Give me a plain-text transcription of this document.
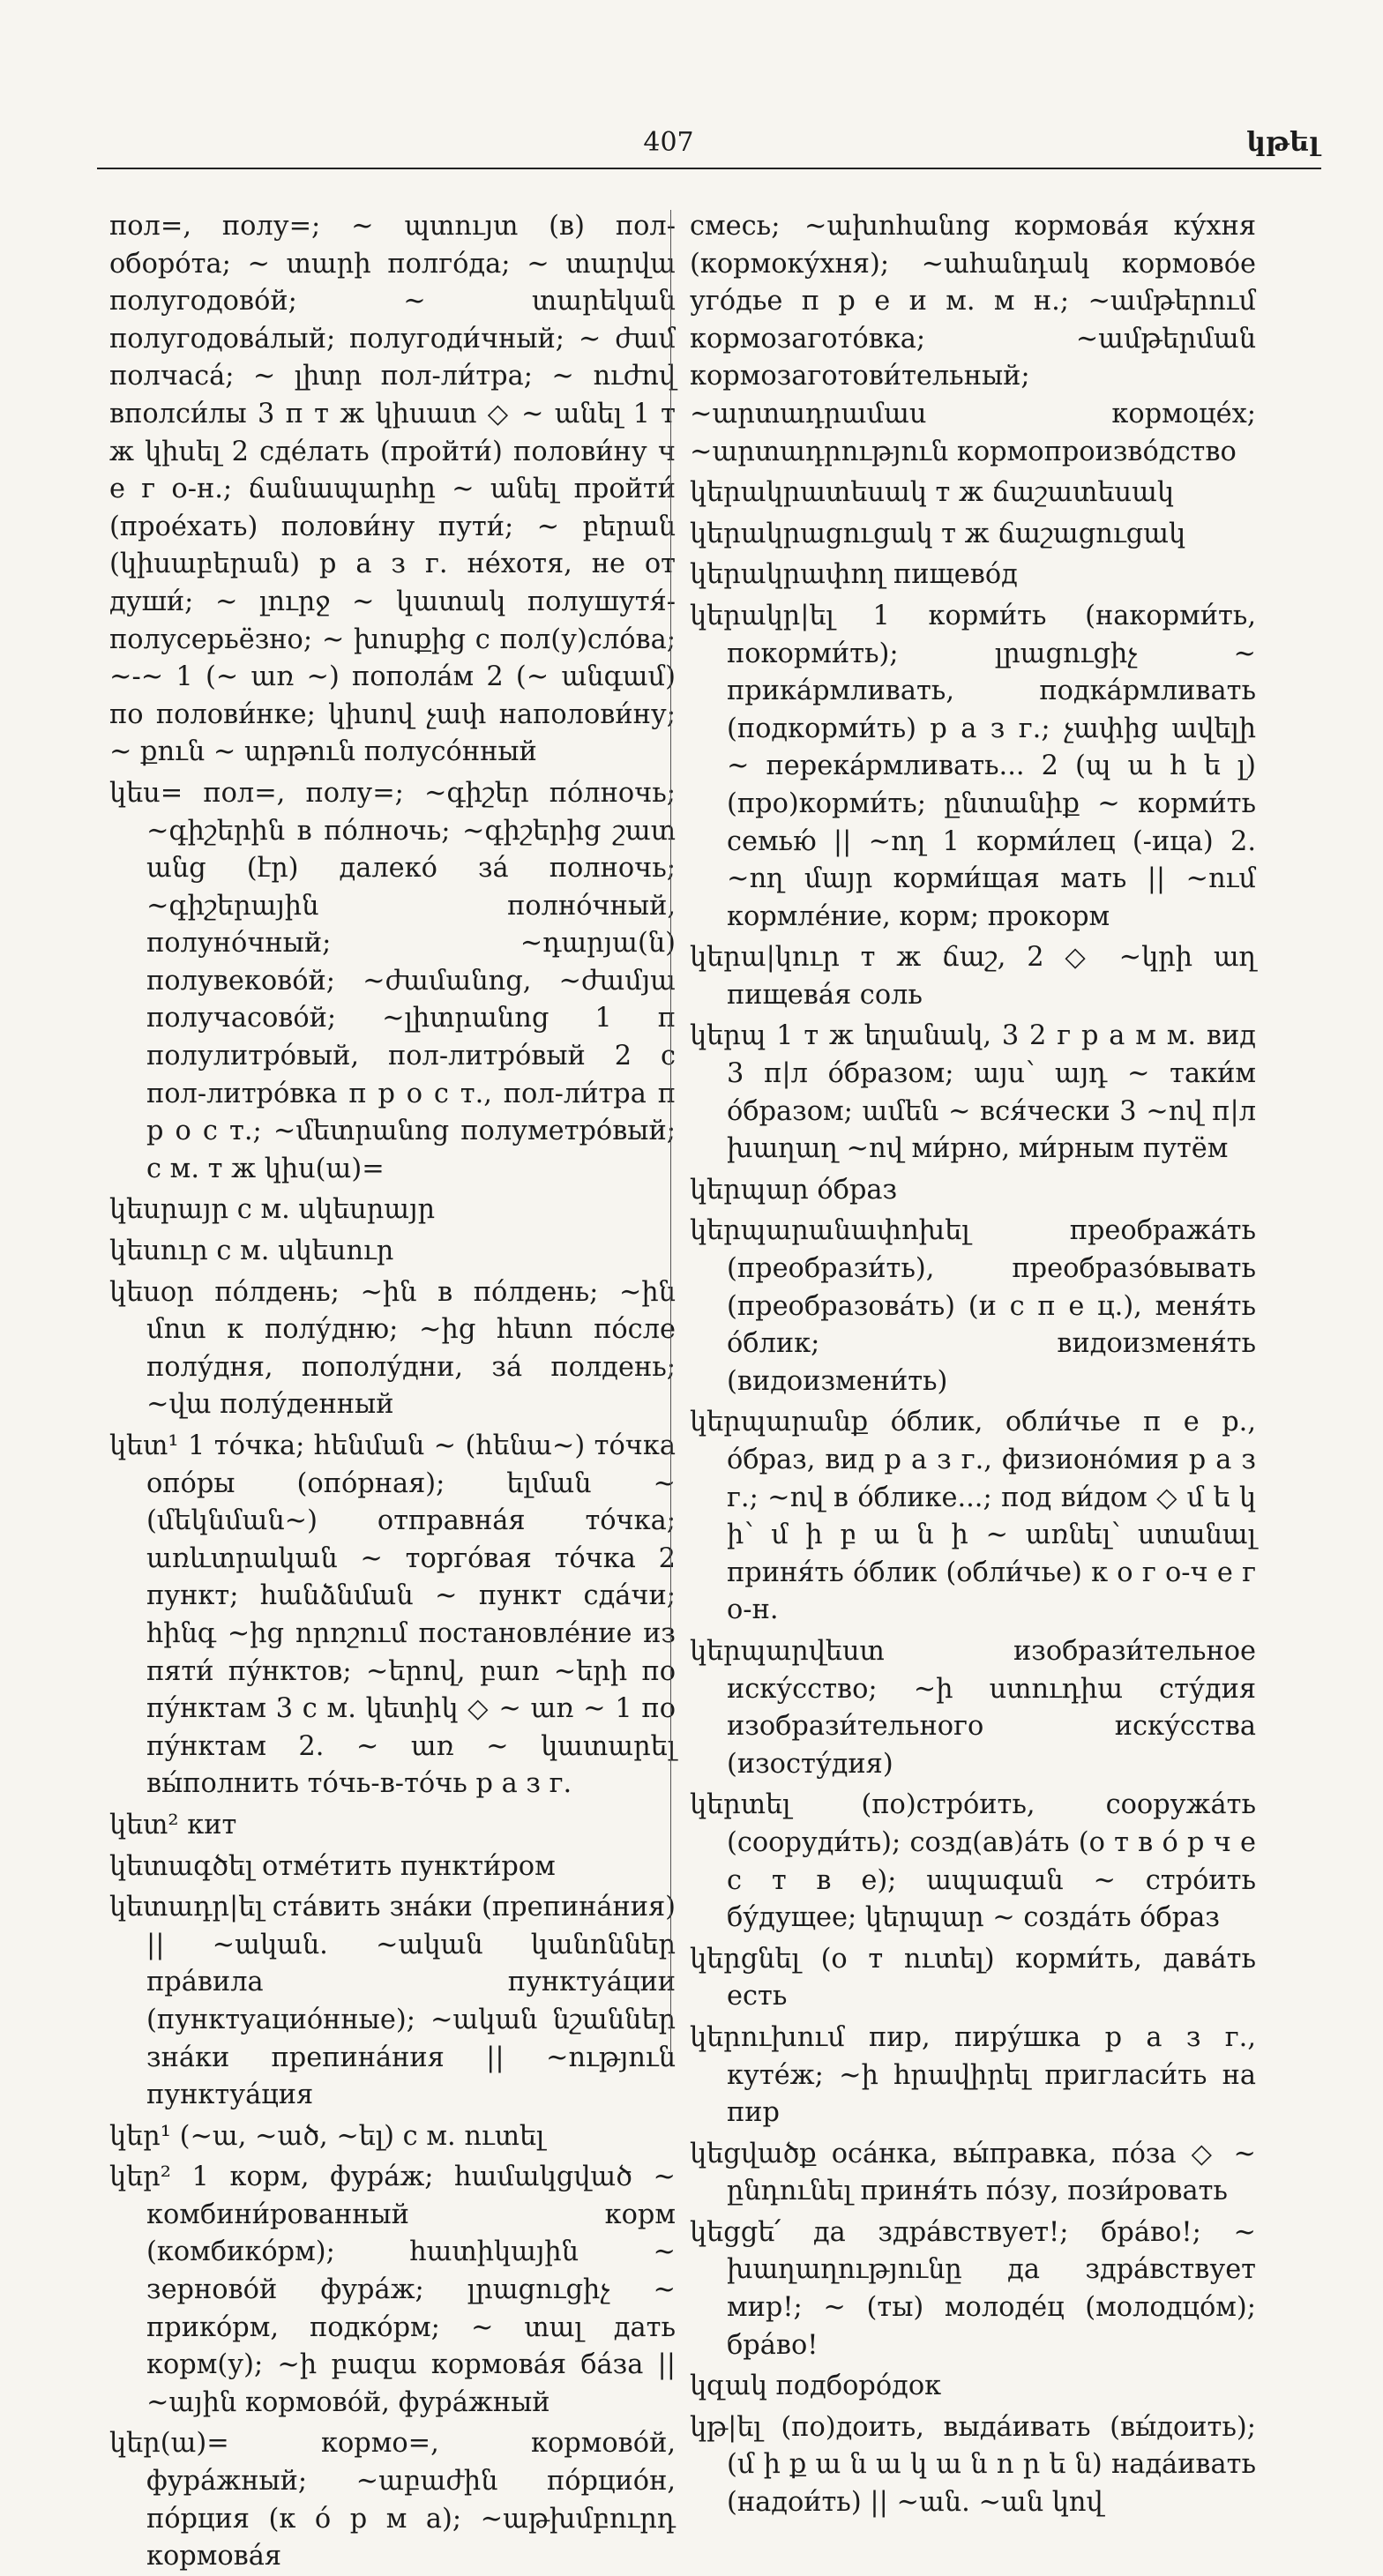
407	կթել

пол=, полу=; ~ պտույտ (в) пол-оборо́та; ~ տարի полго́да; ~ տարվա полугодово́й; ~ տարեկան полугодова́лый; полугоди́чный; ~ ժամ полчаса́; ~ լիտր пол-ли́тра; ~ ուժով вполси́лы 3 п т ж կիսատ ◇ ~ անել 1 т ж կիսել 2 сде́лать (пройти́) полови́ну ч е г о-н.; ճանապարհը ~ անել пройти́ (прое́хать) полови́ну пути́; ~ բերան (կիսաբերան) р а з г. не́хотя, не от души́; ~ լուրջ ~ կատակ полушутя́-полусерьёзно; ~ խոսքից с пол(у)сло́ва; ~-~ 1 (~ առ ~) попола́м 2 (~ անգամ) по полови́нке; կիսով չափ наполови́ну; ~ քուն ~ արթուն полусо́нный

կես= пол=, полу=; ~գիշեր по́лночь; ~գիշերին в по́лночь; ~գիշերից շատ անց (էր) далеко́ за́ полночь; ~գիշերային полно́чный, полуно́чный; ~դարյա(ն) полувеково́й; ~ժամանոց, ~ժամյա получасово́й; ~լիտրանոց 1 п полулитро́вый, пол-литро́вый 2 с пол-литро́вка п р о с т., пол-ли́тра п р о с т.; ~մետրանոց полуметро́вый; с м. т ж կիս(ա)=

կեսրայր с м. սկեսրայր

կեսուր с м. սկեսուր

կեսօր по́лдень; ~ին в по́лдень; ~ին մոտ к полу́дню; ~ից հետո по́сле полу́дня, пополу́дни, за́ полдень; ~վա полу́денный

կետ¹ 1 то́чка; հենման ~ (հենա~) то́чка опо́ры (опо́рная); ելման ~ (մեկնման~) отправна́я то́чка; առևտրական ~ торго́вая то́чка 2 пункт; հանձնման ~ пункт сда́чи; հինգ ~ից որոշում постановле́ние из пяти́ пу́нктов; ~երով, բառ ~երի по пу́нктам 3 с м. կետիկ ◇ ~ առ ~ 1 по пу́нктам 2. ~ առ ~ կատարել вы́полнить то́чь-в-то́чь р а з г.

կետ² кит

կետագծել отме́тить пункти́ром

կետադր|ել ста́вить зна́ки (препина́ния) || ~ական. ~ական կանոններ пра́вила пунктуа́ции (пунктуацио́нные); ~ական նշաններ зна́ки препина́ния || ~ություն пунктуа́ция

կեր¹ (~ա, ~ած, ~ել) с м. ուտել

կեր² 1 корм, фура́ж; համակցված ~ комбини́рованный корм (комбико́рм); հատիկային ~ зерново́й фура́ж; լրացուցիչ ~ прико́рм, подко́рм; ~ տալ дать корм(у); ~ի բազա кормова́я ба́за || ~ային кормово́й, фура́жный

կեր(ա)= кормо=, кормово́й, фура́жный; ~աբաժին по́рцио́н, по́рция (к о́ р м а); ~աթխմբուրդ кормова́я

смесь; ~ախոհանոց кормова́я ку́хня (кормоку́хня); ~ահանդակ кормово́е уго́дье п р е и м. м н.; ~ամթերում кормозагото́вка; ~ամթերման кормозаготови́тельный; ~արտադրամաս кормоце́х; ~արտադրություն кормопроизво́дство

կերակրատեսակ т ж ճաշատեսակ

կերակրացուցակ т ж ճաշացուցակ

կերակրափող пищево́д

կերակր|ել 1 корми́ть (накорми́ть, покорми́ть); լրացուցիչ ~ прика́рмливать, подка́рмливать (подкорми́ть) р а з г.; չափից ավելի ~ перека́рмливать... 2 (պ ա հ ե լ) (про)корми́ть; ընտանիք ~ корми́ть семью́ || ~ող 1 корми́лец (-ица) 2. ~ող մայր корми́щая мать || ~ում кормле́ние, корм; прокорм

կերա|կուր т ж ճաշ, 2 ◇ ~կրի աղ пищева́я соль

կերպ 1 т ж եղանակ, 3 2 г р а м м. вид 3 п|л о́бразом; այս՝ այդ ~ таки́м о́бразом; ամեն ~ вся́чески 3 ~ով п|л խաղաղ ~ով ми́рно, ми́рным путём

կերպար о́браз

կերպարանափոխել преобража́ть (преобрази́ть), преобразо́вывать (преобразова́ть) (и с п е ц.), меня́ть о́блик; видоизменя́ть (видоизмени́ть)

կերպարանք о́блик, обли́чье п е р., о́браз, вид р а з г., физионо́мия р а з г.; ~ով в о́блике...; под ви́дом ◇ մ ե կ ի՝ մ ի բ ա ն ի ~ առնել՝ ստանալ приня́ть о́блик (обли́чье) к о г о-ч е г о-н.

կերպարվեստ изобрази́тельное иску́сство; ~ի ստուդիա сту́дия изобрази́тельного иску́сства (изосту́дия)

կերտել (по)стро́ить, сооружа́ть (сооруди́ть); созд(ав)а́ть (о т в о́ р ч е с т в е); ապագան ~ стро́ить бу́дущее; կերպար ~ созда́ть о́браз

կերցնել (о т ուտել) корми́ть, дава́ть есть

կերուխում пир, пиру́шка р а з г., куте́ж; ~ի հրավիրել пригласи́ть на пир

կեցվածք оса́нка, вы́правка, по́за ◇ ~ ընդունել приня́ть по́зу, пози́ровать

կեցցե՛ да здра́вствует!; бра́во!; ~ խաղաղությունը да здра́вствует мир!; ~ (ты) молоде́ц (молодцо́м); бра́во!

կզակ подборо́док

կթ|ել (по)доить, выда́ивать (вы́доить); (մ ի ք ա ն ա կ ա ն ո ր ե ն) нада́ивать (надои́ть) || ~ան. ~ան կով
